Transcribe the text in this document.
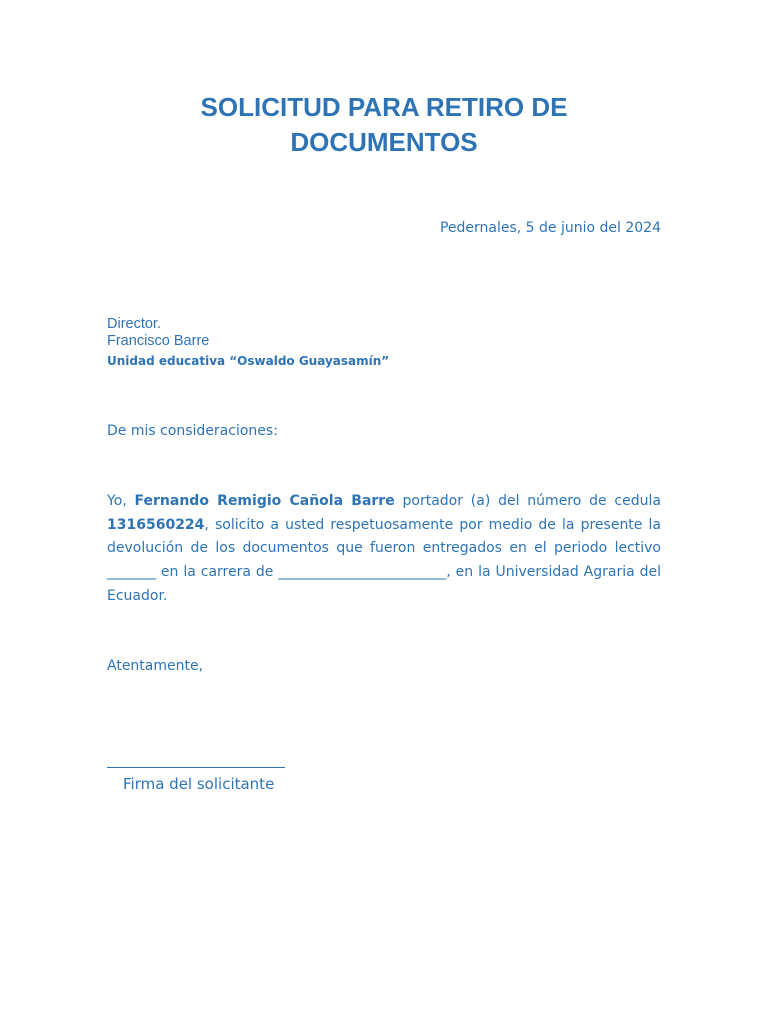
SOLICITUD PARA RETIRO DE
DOCUMENTOS
Pedernales, 5 de junio del 2024
Director.
Francisco Barre
Unidad educativa “Oswaldo Guayasamín”
De mis consideraciones:

Yo, Fernando Remigio Cañola Barre portador (a) del número de cedula 1316560224, solicito a usted respetuosamente por medio de la presente la devolución de los documentos que fueron entregados en el periodo lectivo _______ en la carrera de ________________________, en la Universidad Agraria del Ecuador.

Atentamente,
Firma del solicitante
